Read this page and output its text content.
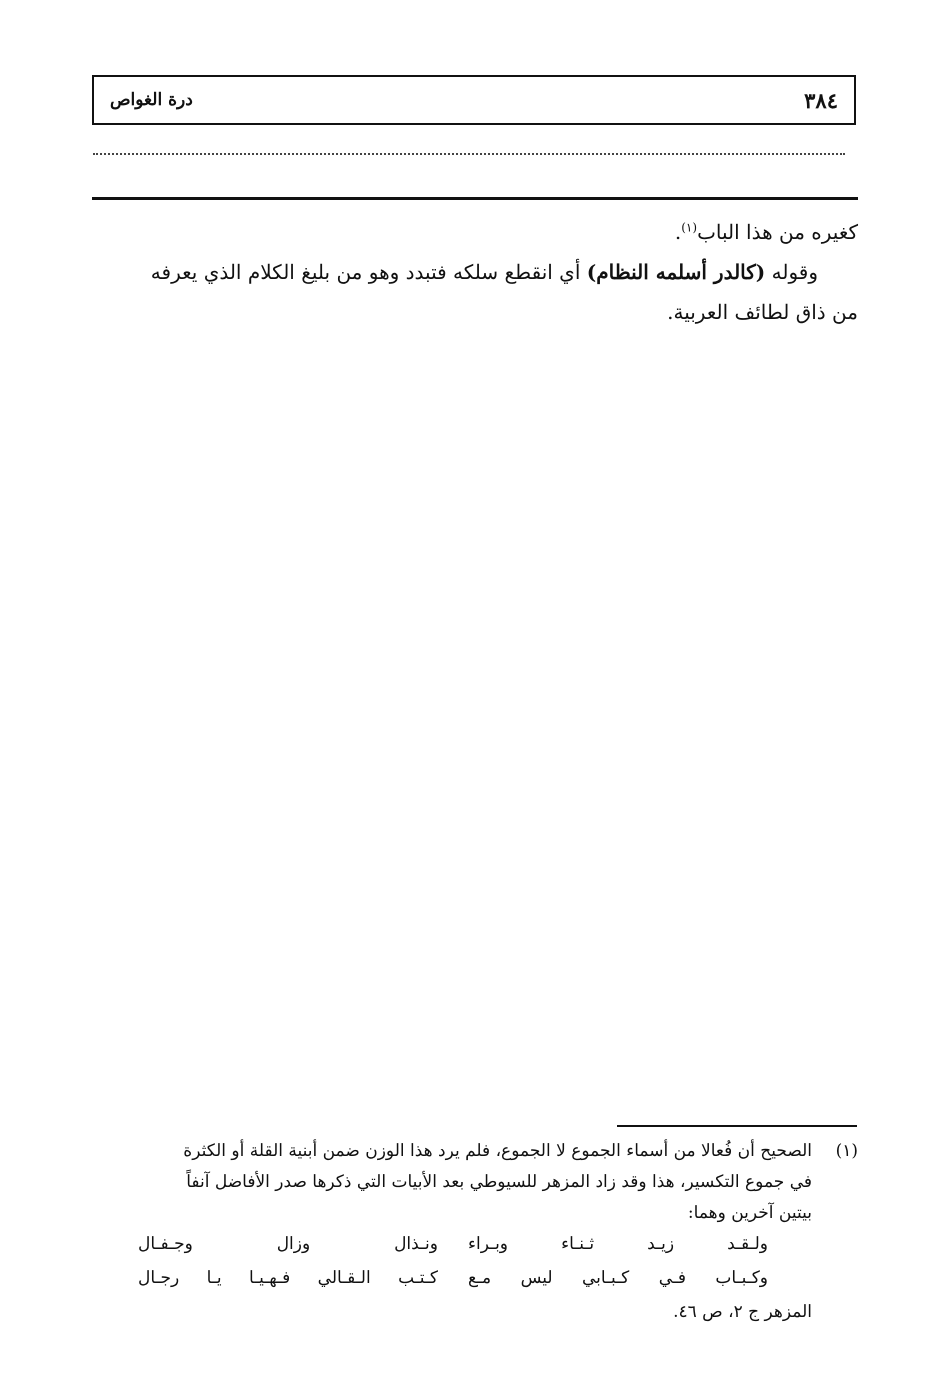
٣٨٤
درة الغواص

كغيره من هذا الباب$^{(١)}$.

وقوله (كالدر أسلمه النظام) أي انقطع سلكه فتبدد وهو من بليغ الكلام الذي يعرفه

من ذاق لطائف العربية.

(١)
الصحيح أن فُعالا من أسماء الجموع لا الجموع، فلم يرد هذا الوزن ضمن أبنية القلة أو الكثرة
في جموع التكسير، هذا وقد زاد المزهر للسيوطي بعد الأبيات التي ذكرها صدر الأفاضل آنفاً
بيتين آخرين وهما:
ولـقـد زيـد ثـنـاء وبـراءونـذال وزال وجـفـال
وكـبـاب فـي كـبـابي ليس مـعكـتـب الـقـالي فـهـيـا يـا رجـال
المزهر ج ٢، ص ٤٦.
